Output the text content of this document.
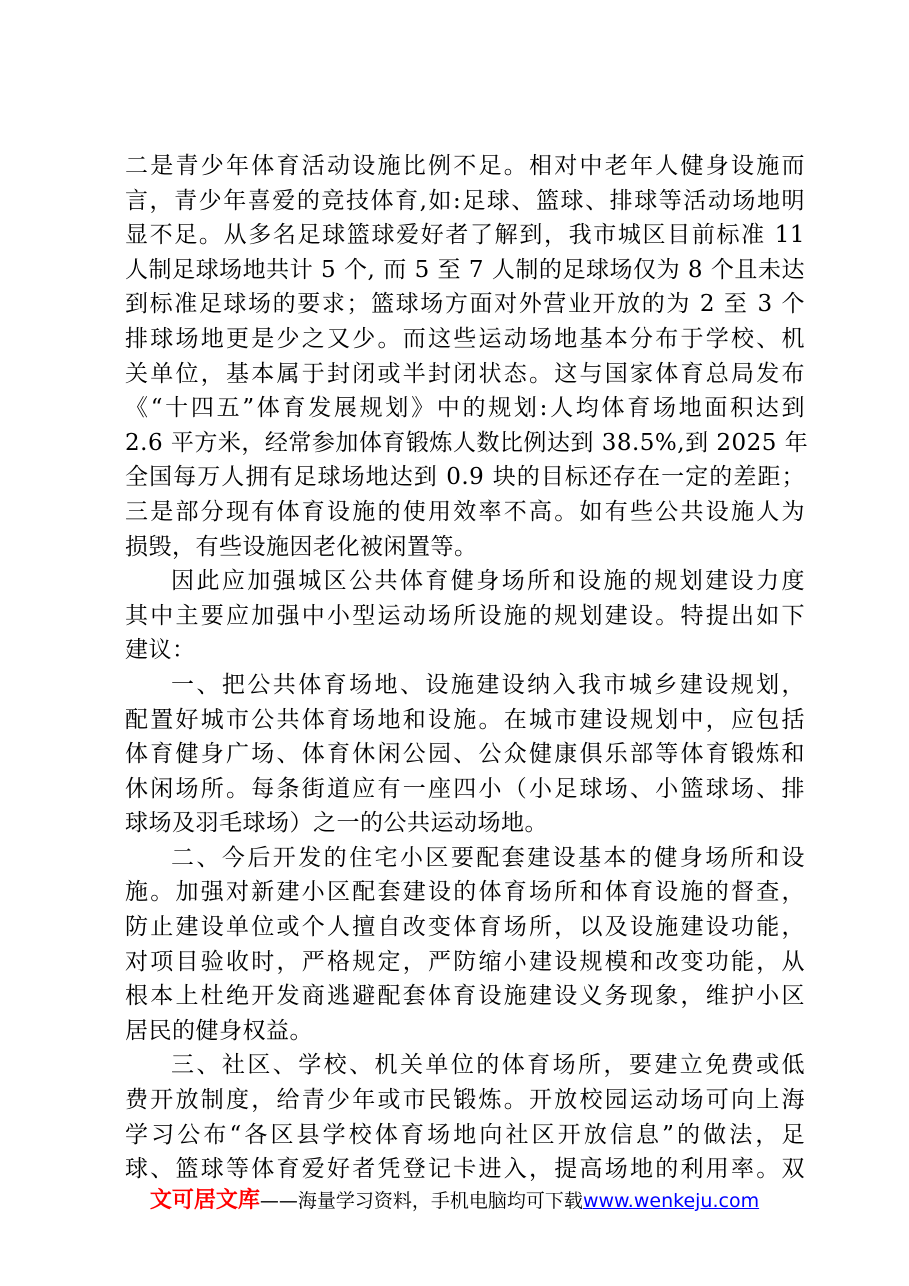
二是青少年体育活动设施比例不足。相对中老年人健身设施而
言，青少年喜爱的竞技体育,如:足球、篮球、排球等活动场地明
显不足。从多名足球篮球爱好者了解到，我市城区目前标准 11
人制足球场地共计 5 个, 而 5 至 7 人制的足球场仅为 8 个且未达
到标准足球场的要求；篮球场方面对外营业开放的为 2 至 3 个
排球场地更是少之又少。而这些运动场地基本分布于学校、机
关单位，基本属于封闭或半封闭状态。这与国家体育总局发布
《“十四五”体育发展规划》中的规划:人均体育场地面积达到
2.6 平方米，经常参加体育锻炼人数比例达到 38.5%,到 2025 年
全国每万人拥有足球场地达到 0.9 块的目标还存在一定的差距；
三是部分现有体育设施的使用效率不高。如有些公共设施人为
损毁，有些设施因老化被闲置等。
因此应加强城区公共体育健身场所和设施的规划建设力度
其中主要应加强中小型运动场所设施的规划建设。特提出如下
建议：
一、把公共体育场地、设施建设纳入我市城乡建设规划，
配置好城市公共体育场地和设施。在城市建设规划中，应包括
体育健身广场、体育休闲公园、公众健康俱乐部等体育锻炼和
休闲场所。每条街道应有一座四小（小足球场、小篮球场、排
球场及羽毛球场）之一的公共运动场地。
二、今后开发的住宅小区要配套建设基本的健身场所和设
施。加强对新建小区配套建设的体育场所和体育设施的督查，
防止建设单位或个人擅自改变体育场所，以及设施建设功能，
对项目验收时，严格规定，严防缩小建设规模和改变功能，从
根本上杜绝开发商逃避配套体育设施建设义务现象，维护小区
居民的健身权益。
三、社区、学校、机关单位的体育场所，要建立免费或低
费开放制度，给青少年或市民锻炼。开放校园运动场可向上海
学习公布“各区县学校体育场地向社区开放信息”的做法，足
球、篮球等体育爱好者凭登记卡进入，提高场地的利用率。双
文可居文库——海量学习资料，手机电脑均可下载www.wenkeju.com
